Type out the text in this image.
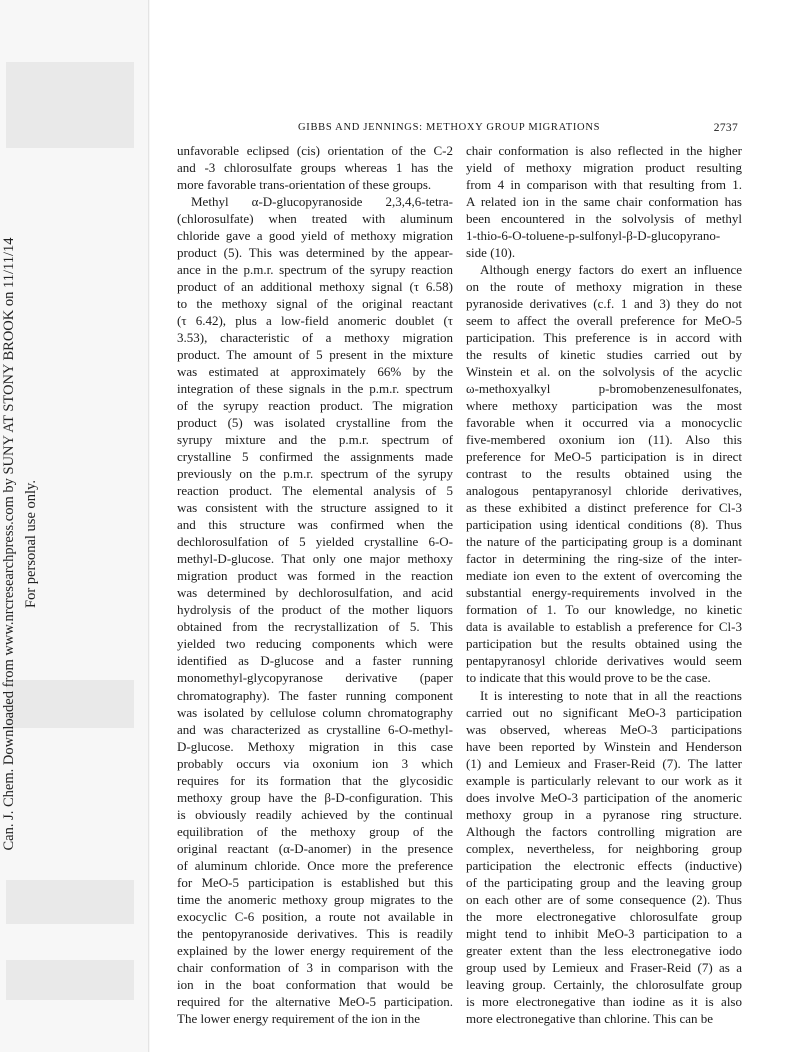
Can. J. Chem. Downloaded from www.nrcresearchpress.com by SUNY AT STONY BROOK on 11/11/14 For personal use only.
GIBBS AND JENNINGS: METHOXY GROUP MIGRATIONS	2737
unfavorable eclipsed (cis) orientation of the C-2
and -3 chlorosulfate groups whereas 1 has the
more favorable trans-orientation of these groups.
Methyl α-D-glucopyranoside 2,3,4,6-tetra-
(chlorosulfate) when treated with aluminum
chloride gave a good yield of methoxy migration
product (5). This was determined by the appear-
ance in the p.m.r. spectrum of the syrupy reaction
product of an additional methoxy signal (τ 6.58)
to the methoxy signal of the original reactant
(τ 6.42), plus a low-field anomeric doublet (τ
3.53), characteristic of a methoxy migration
product. The amount of 5 present in the mixture
was estimated at approximately 66% by the
integration of these signals in the p.m.r. spectrum
of the syrupy reaction product. The migration
product (5) was isolated crystalline from the
syrupy mixture and the p.m.r. spectrum of
crystalline 5 confirmed the assignments made
previously on the p.m.r. spectrum of the syrupy
reaction product. The elemental analysis of 5
was consistent with the structure assigned to it
and this structure was confirmed when the
dechlorosulfation of 5 yielded crystalline 6-O-
methyl-D-glucose. That only one major methoxy
migration product was formed in the reaction
was determined by dechlorosulfation, and acid
hydrolysis of the product of the mother liquors
obtained from the recrystallization of 5. This
yielded two reducing components which were
identified as D-glucose and a faster running
monomethyl-glycopyranose derivative (paper
chromatography). The faster running component
was isolated by cellulose column chromatography
and was characterized as crystalline 6-O-methyl-
D-glucose. Methoxy migration in this case
probably occurs via oxonium ion 3 which
requires for its formation that the glycosidic
methoxy group have the β-D-configuration. This
is obviously readily achieved by the continual
equilibration of the methoxy group of the
original reactant (α-D-anomer) in the presence
of aluminum chloride. Once more the preference
for MeO-5 participation is established but this
time the anomeric methoxy group migrates to the
exocyclic C-6 position, a route not available in
the pentopyranoside derivatives. This is readily
explained by the lower energy requirement of the
chair conformation of 3 in comparison with the
ion in the boat conformation that would be
required for the alternative MeO-5 participation.
The lower energy requirement of the ion in the
chair conformation is also reflected in the higher
yield of methoxy migration product resulting
from 4 in comparison with that resulting from 1.
A related ion in the same chair conformation has
been encountered in the solvolysis of methyl
1-thio-6-O-toluene-p-sulfonyl-β-D-glucopyrano-
side (10).
Although energy factors do exert an influence
on the route of methoxy migration in these
pyranoside derivatives (c.f. 1 and 3) they do not
seem to affect the overall preference for MeO-5
participation. This preference is in accord with
the results of kinetic studies carried out by
Winstein et al. on the solvolysis of the acyclic
ω-methoxyalkyl p-bromobenzenesulfonates,
where methoxy participation was the most
favorable when it occurred via a monocyclic
five-membered oxonium ion (11). Also this
preference for MeO-5 participation is in direct
contrast to the results obtained using the
analogous pentapyranosyl chloride derivatives,
as these exhibited a distinct preference for Cl-3
participation using identical conditions (8). Thus
the nature of the participating group is a dominant
factor in determining the ring-size of the inter-
mediate ion even to the extent of overcoming the
substantial energy-requirements involved in the
formation of 1. To our knowledge, no kinetic
data is available to establish a preference for Cl-3
participation but the results obtained using the
pentapyranosyl chloride derivatives would seem
to indicate that this would prove to be the case.
It is interesting to note that in all the reactions
carried out no significant MeO-3 participation
was observed, whereas MeO-3 participations
have been reported by Winstein and Henderson
(1) and Lemieux and Fraser-Reid (7). The latter
example is particularly relevant to our work as it
does involve MeO-3 participation of the anomeric
methoxy group in a pyranose ring structure.
Although the factors controlling migration are
complex, nevertheless, for neighboring group
participation the electronic effects (inductive)
of the participating group and the leaving group
on each other are of some consequence (2). Thus
the more electronegative chlorosulfate group
might tend to inhibit MeO-3 participation to a
greater extent than the less electronegative iodo
group used by Lemieux and Fraser-Reid (7) as a
leaving group. Certainly, the chlorosulfate group
is more electronegative than iodine as it is also
more electronegative than chlorine. This can be
